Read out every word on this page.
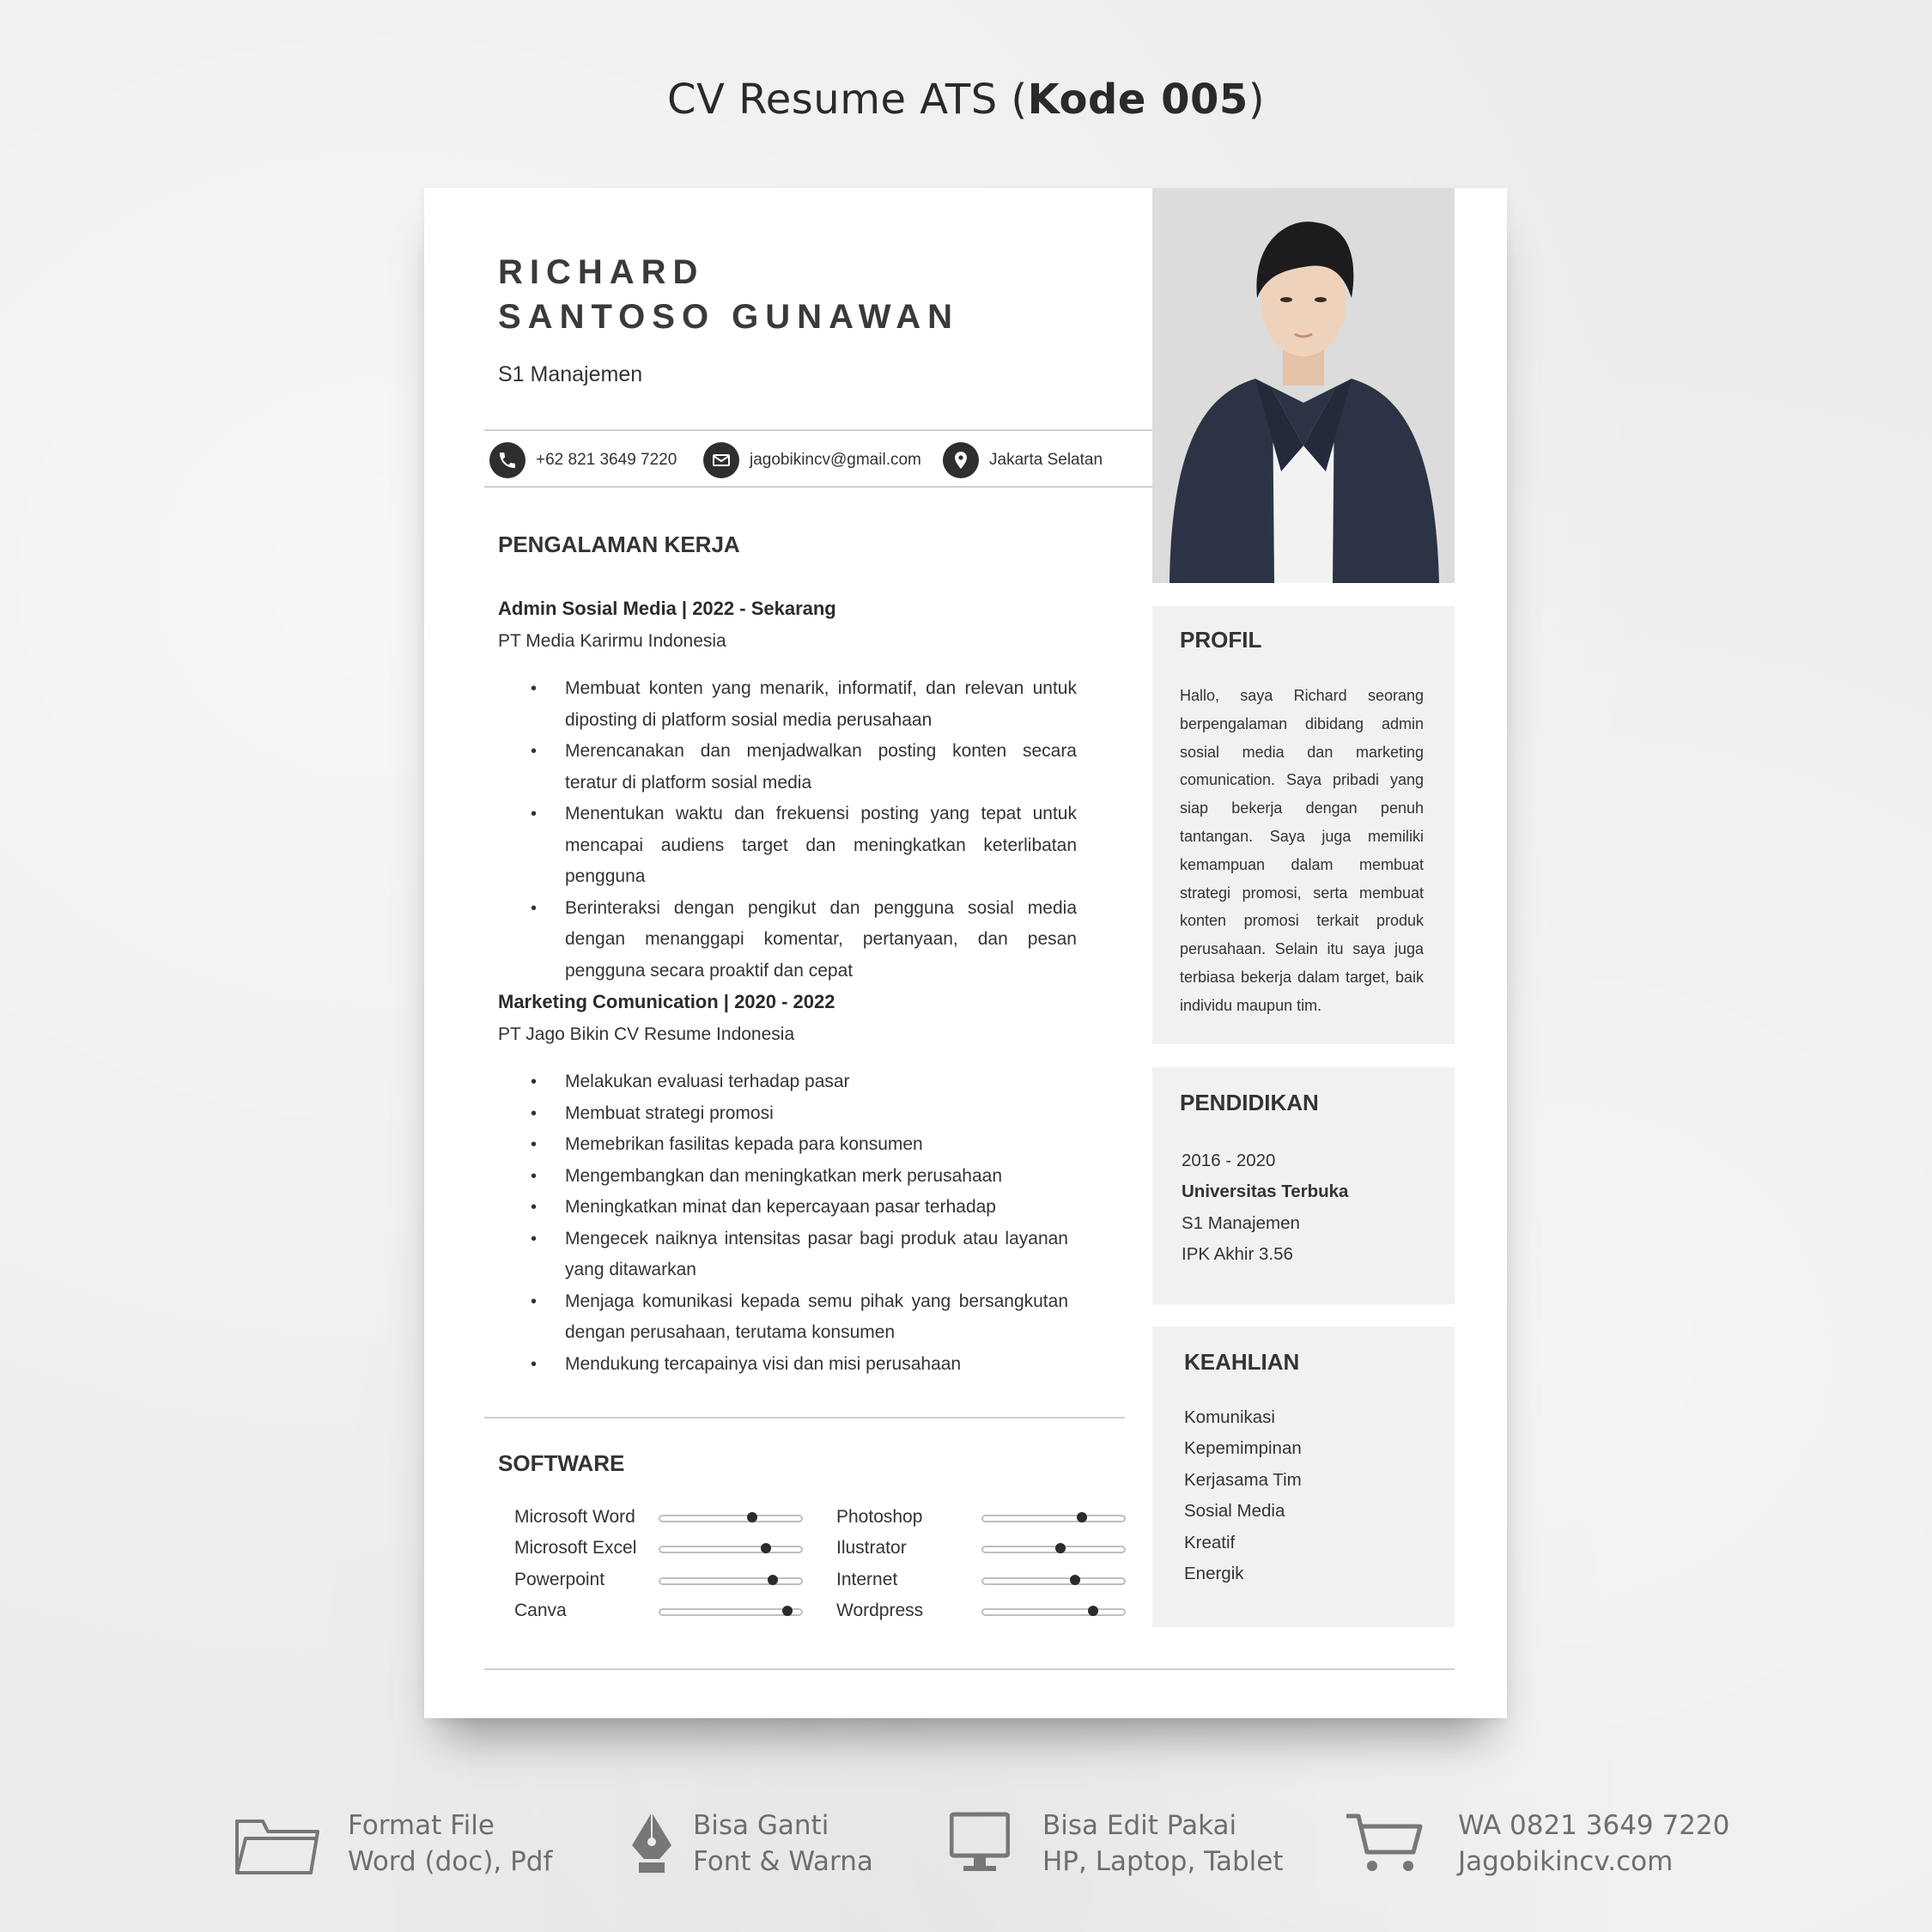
CV Resume ATS (Kode 005)
RICHARD
SANTOSO GUNAWAN
S1 Manajemen
+62 821 3649 7220	jagobikincv@gmail.com	Jakarta Selatan
PENGALAMAN KERJA
Admin Sosial Media | 2022 - Sekarang
PT Media Karirmu Indonesia
• Membuat konten yang menarik, informatif, dan relevan untuk diposting di platform sosial media perusahaan
• Merencanakan dan menjadwalkan posting konten secara teratur di platform sosial media
• Menentukan waktu dan frekuensi posting yang tepat untuk mencapai audiens target dan meningkatkan keterlibatan pengguna
• Berinteraksi dengan pengikut dan pengguna sosial media dengan menanggapi komentar, pertanyaan, dan pesan pengguna secara proaktif dan cepat
Marketing Comunication | 2020 - 2022
PT Jago Bikin CV Resume Indonesia
• Melakukan evaluasi terhadap pasar
• Membuat strategi promosi
• Memebrikan fasilitas kepada para konsumen
• Mengembangkan dan meningkatkan merk perusahaan
• Meningkatkan minat dan kepercayaan pasar terhadap
• Mengecek naiknya intensitas pasar bagi produk atau layanan yang ditawarkan
• Menjaga komunikasi kepada semu pihak yang bersangkutan dengan perusahaan, terutama konsumen
• Mendukung tercapainya visi dan misi perusahaan
SOFTWARE
Microsoft Word
Microsoft Excel
Powerpoint
Canva
Photoshop
Ilustrator
Internet
Wordpress
PROFIL
Hallo, saya Richard seorang berpengalaman dibidang admin sosial media dan marketing comunication. Saya pribadi yang siap bekerja dengan penuh tantangan. Saya juga memiliki kemampuan dalam membuat strategi promosi, serta membuat konten promosi terkait produk perusahaan. Selain itu saya juga terbiasa bekerja dalam target, baik individu maupun tim.
PENDIDIKAN
2016 - 2020
Universitas Terbuka
S1 Manajemen
IPK Akhir 3.56
KEAHLIAN
Komunikasi
Kepemimpinan
Kerjasama Tim
Sosial Media
Kreatif
Energik
Format File
Word (doc), Pdf
Bisa Ganti
Font & Warna
Bisa Edit Pakai
HP, Laptop, Tablet
WA 0821 3649 7220
Jagobikincv.com
